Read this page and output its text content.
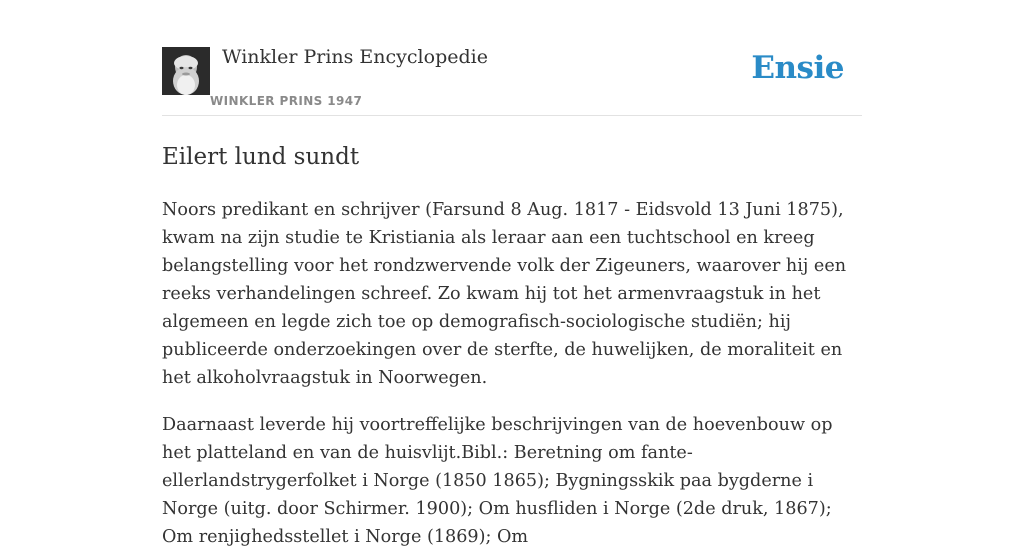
Winkler Prins Encyclopedie
WINKLER PRINS 1947
Ensie
Eilert lund sundt

Noors predikant en schrijver (Farsund 8 Aug. 1817 - Eidsvold 13 Juni 1875), kwam na zijn studie te Kristiania als leraar aan een tuchtschool en kreeg belangstelling voor het rondzwervende volk der Zigeuners, waarover hij een reeks verhandelingen schreef. Zo kwam hij tot het armenvraagstuk in het algemeen en legde zich toe op demografisch-sociologische studiën; hij publiceerde onderzoekingen over de sterfte, de huwelijken, de moraliteit en het alkoholvraagstuk in Noorwegen.

Daarnaast leverde hij voortreffelijke beschrijvingen van de hoevenbouw op het platteland en van de huisvlijt.Bibl.: Beretning om fante-ellerlandstrygerfolket i Norge (1850 1865); Bygningsskik paa bygderne i Norge (uitg. door Schirmer. 1900); Om husfliden i Norge (2de druk, 1867); Om renjighedsstellet i Norge (1869); Om
